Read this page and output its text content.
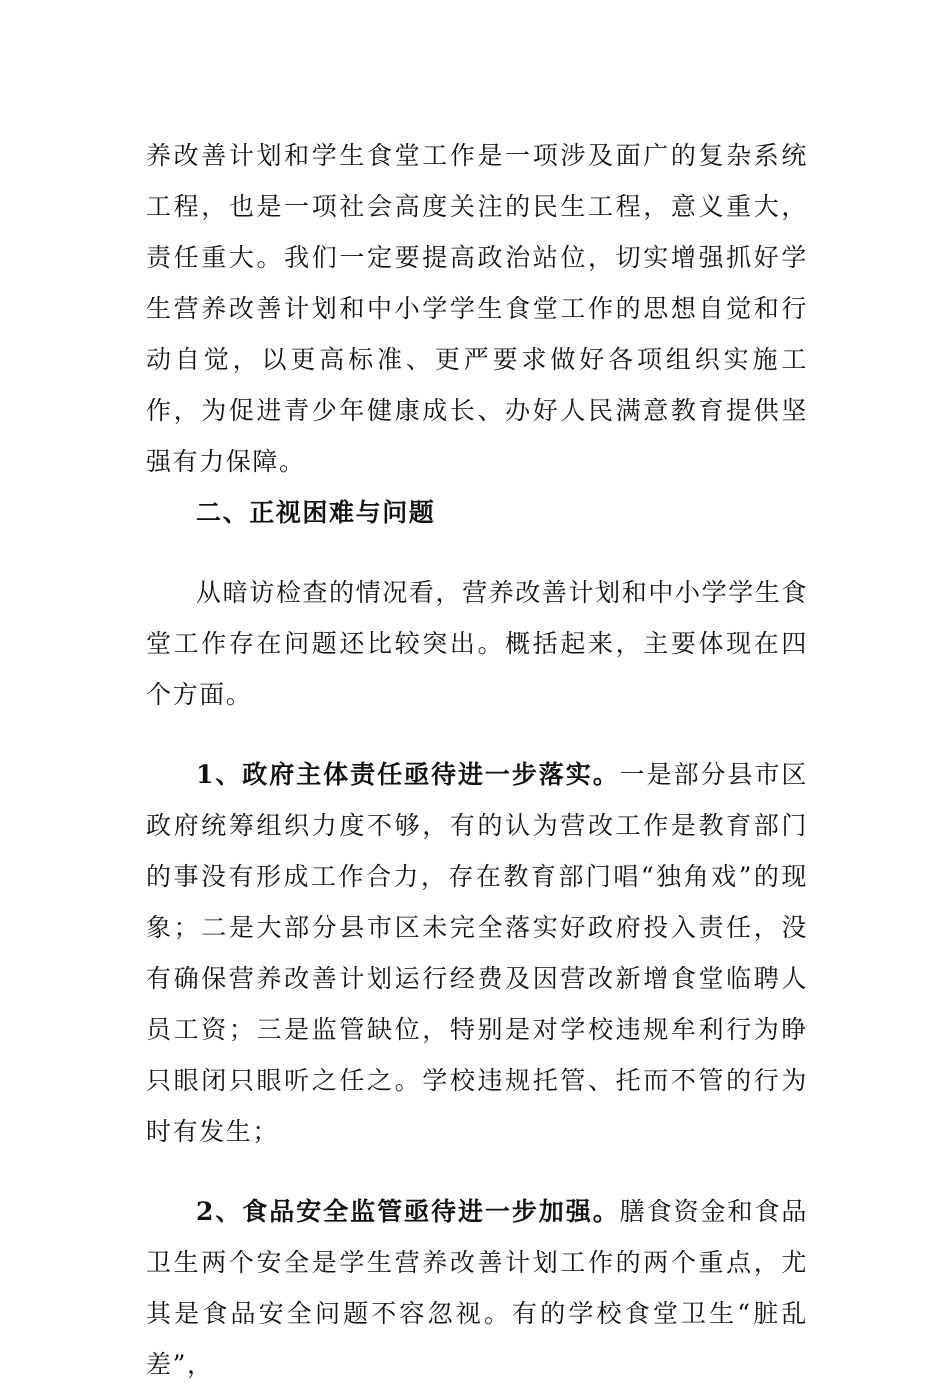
养改善计划和学生食堂工作是一项涉及面广的复杂系统工程，也是一项社会高度关注的民生工程，意义重大，责任重大。我们一定要提高政治站位，切实增强抓好学生营养改善计划和中小学学生食堂工作的思想自觉和行动自觉，以更高标准、更严要求做好各项组织实施工作，为促进青少年健康成长、办好人民满意教育提供坚强有力保障。

二、正视困难与问题

从暗访检查的情况看，营养改善计划和中小学学生食堂工作存在问题还比较突出。概括起来，主要体现在四个方面。

1、政府主体责任亟待进一步落实。一是部分县市区政府统筹组织力度不够，有的认为营改工作是教育部门的事没有形成工作合力，存在教育部门唱“独角戏”的现象；二是大部分县市区未完全落实好政府投入责任，没有确保营养改善计划运行经费及因营改新增食堂临聘人员工资；三是监管缺位，特别是对学校违规牟利行为睁只眼闭只眼听之任之。学校违规托管、托而不管的行为时有发生；

2、食品安全监管亟待进一步加强。膳食资金和食品卫生两个安全是学生营养改善计划工作的两个重点，尤其是食品安全问题不容忽视。有的学校食堂卫生“脏乱差”，
